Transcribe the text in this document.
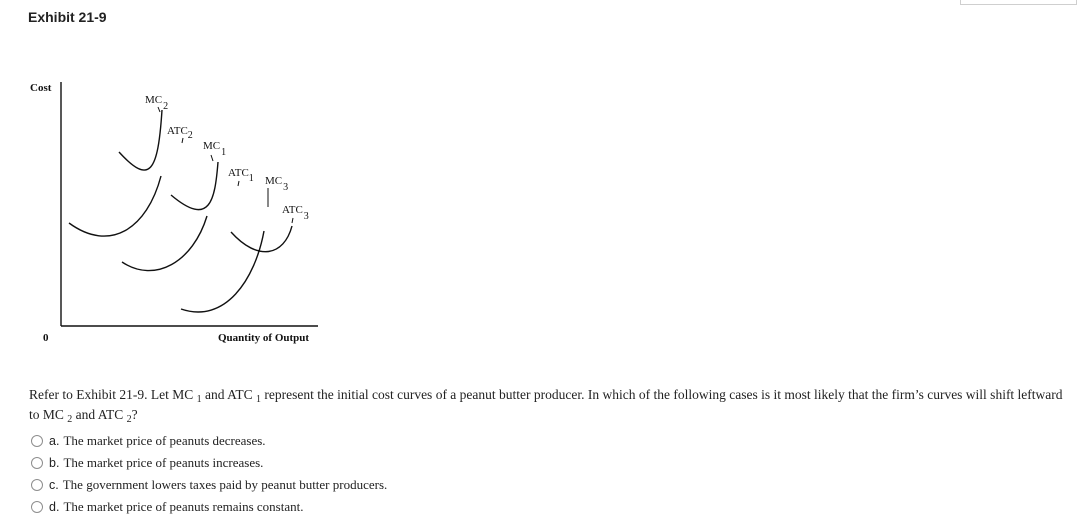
Exhibit 21-9
Cost
0	Quantity of Output
MC2
ATC2
MC1
ATC1 MC3
ATC3
Refer to Exhibit 21-9. Let MC $_1$ and ATC $_1$ represent the initial cost curves of a peanut butter producer. In which of the following cases is it most likely that the firm’s curves will shift leftward to MC $_2$ and ATC $_2$?
a. The market price of peanuts decreases.
b. The market price of peanuts increases.
c. The government lowers taxes paid by peanut butter producers.
d. The market price of peanuts remains constant.
